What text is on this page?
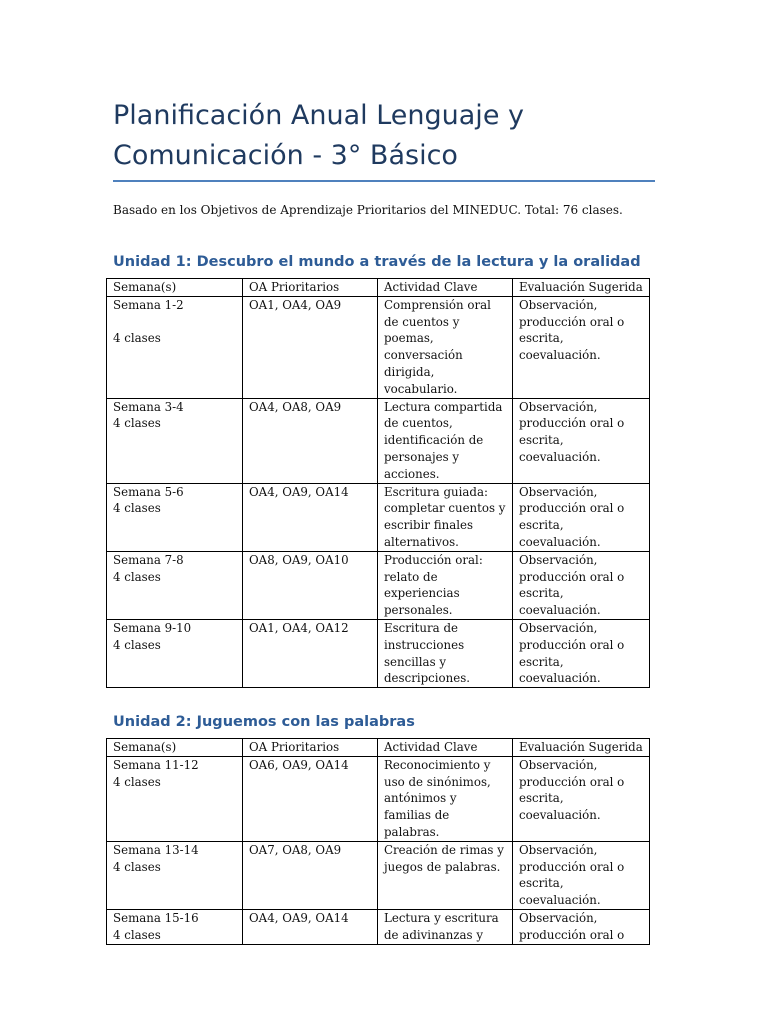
Planificación Anual Lenguaje y
Comunicación - 3° Básico

Basado en los Objetivos de Aprendizaje Prioritarios del MINEDUC. Total: 76 clases.

Unidad 1: Descubro el mundo a través de la lectura y la oralidad
Semana(s)	OA Prioritarios	Actividad Clave	Evaluación Sugerida

Semana 1-2

4 clases	OA1, OA4, OA9	Comprensión oral de cuentos y poemas, conversación dirigida, vocabulario.	Observación, producción oral o escrita, coevaluación.

Semana 3-4
4 clases	OA4, OA8, OA9	Lectura compartida de cuentos, identificación de personajes y acciones.	Observación, producción oral o escrita, coevaluación.

Semana 5-6
4 clases	OA4, OA9, OA14	Escritura guiada: completar cuentos y escribir finales alternativos.	Observación, producción oral o escrita, coevaluación.

Semana 7-8
4 clases	OA8, OA9, OA10	Producción oral: relato de experiencias personales.	Observación, producción oral o escrita, coevaluación.

Semana 9-10
4 clases	OA1, OA4, OA12	Escritura de instrucciones sencillas y descripciones.	Observación, producción oral o escrita, coevaluación.
Unidad 2: Juguemos con las palabras
Semana(s)	OA Prioritarios	Actividad Clave	Evaluación Sugerida

Semana 11-12
4 clases	OA6, OA9, OA14	Reconocimiento y uso de sinónimos, antónimos y familias de palabras.	Observación, producción oral o escrita, coevaluación.

Semana 13-14
4 clases	OA7, OA8, OA9	Creación de rimas y juegos de palabras.	Observación, producción oral o escrita, coevaluación.

Semana 15-16
4 clases	OA4, OA9, OA14	Lectura y escritura de adivinanzas y	Observación, producción oral o
